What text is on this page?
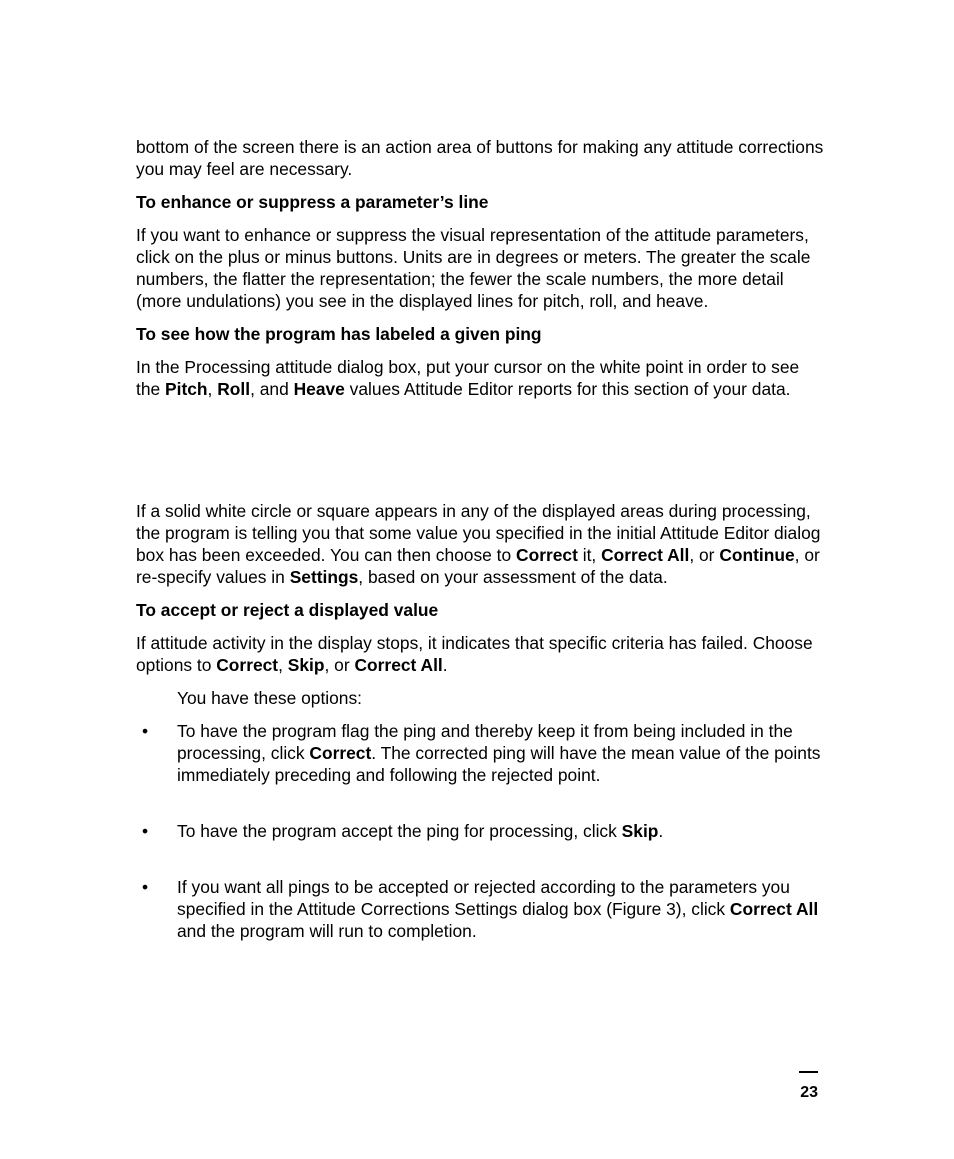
bottom of the screen there is an action area of buttons for making any attitude corrections you may feel are necessary.

To enhance or suppress a parameter’s line

If you want to enhance or suppress the visual representation of the attitude parameters, click on the plus or minus buttons. Units are in degrees or meters. The greater the scale numbers, the flatter the representation; the fewer the scale numbers, the more detail (more undulations) you see in the displayed lines for pitch, roll, and heave.

To see how the program has labeled a given ping

In the Processing attitude dialog box, put your cursor on the white point in order to see the Pitch, Roll, and Heave values Attitude Editor reports for this section of your data.

If a solid white circle or square appears in any of the displayed areas during processing, the program is telling you that some value you specified in the initial Attitude Editor dialog box has been exceeded. You can then choose to Correct it, Correct All, or Continue, or re-specify values in Settings, based on your assessment of the data.

To accept or reject a displayed value

If attitude activity in the display stops, it indicates that specific criteria has failed. Choose options to Correct, Skip, or Correct All.

You have these options:

• To have the program flag the ping and thereby keep it from being included in the processing, click Correct. The corrected ping will have the mean value of the points immediately preceding and following the rejected point.
• To have the program accept the ping for processing, click Skip.
• If you want all pings to be accepted or rejected according to the parameters you specified in the Attitude Corrections Settings dialog box (Figure 3), click Correct All and the program will run to completion.
23
